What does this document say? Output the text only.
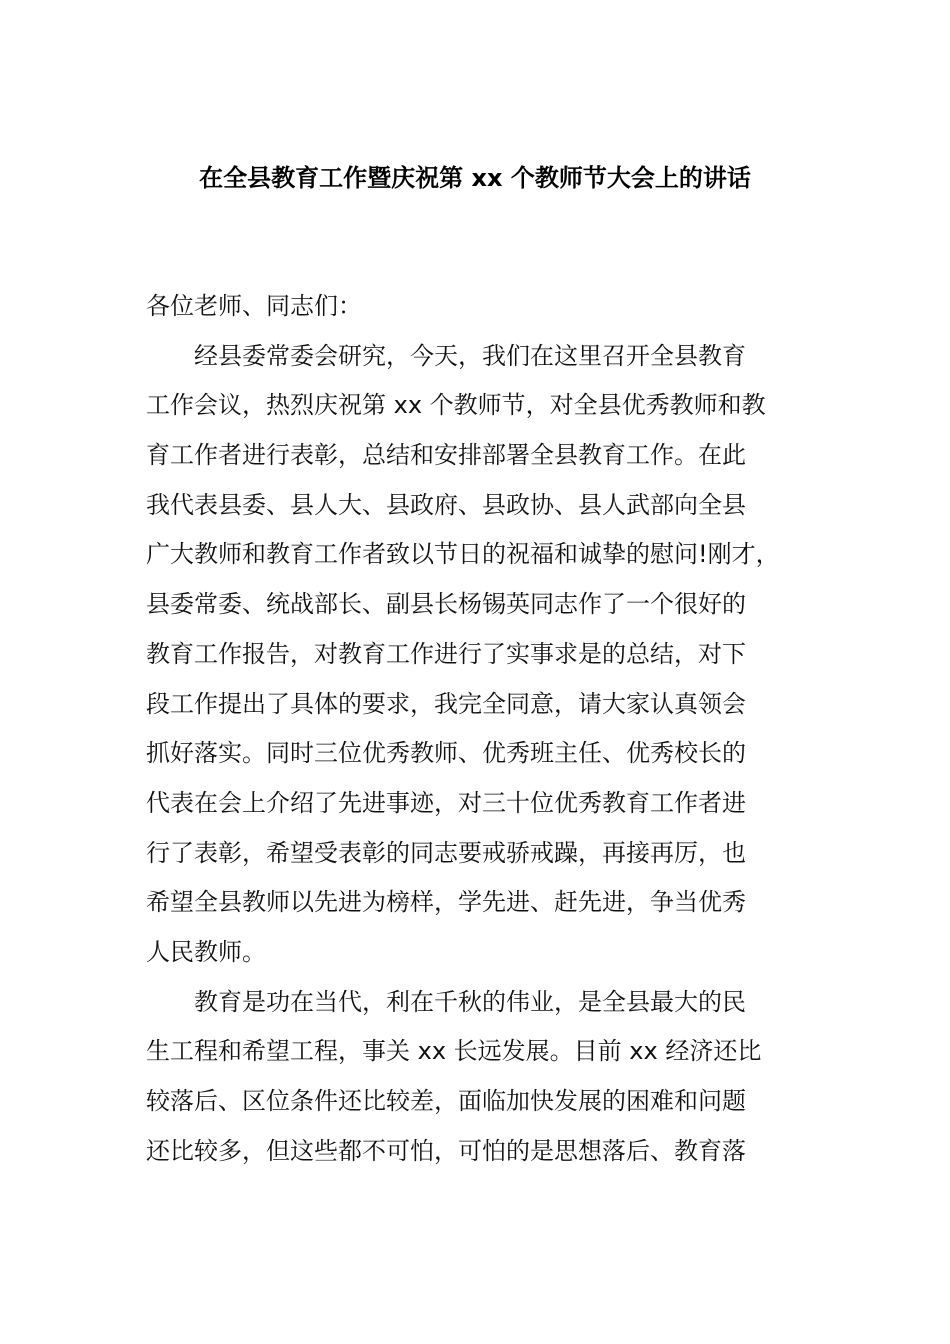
在全县教育工作暨庆祝第 xx 个教师节大会上的讲话
各位老师、同志们：
经县委常委会研究，今天，我们在这里召开全县教育
工作会议，热烈庆祝第 xx 个教师节，对全县优秀教师和教
育工作者进行表彰，总结和安排部署全县教育工作。在此
我代表县委、县人大、县政府、县政协、县人武部向全县
广大教师和教育工作者致以节日的祝福和诚挚的慰问!刚才，
县委常委、统战部长、副县长杨锡英同志作了一个很好的
教育工作报告，对教育工作进行了实事求是的总结，对下
段工作提出了具体的要求，我完全同意，请大家认真领会
抓好落实。同时三位优秀教师、优秀班主任、优秀校长的
代表在会上介绍了先进事迹，对三十位优秀教育工作者进
行了表彰，希望受表彰的同志要戒骄戒躁，再接再厉，也
希望全县教师以先进为榜样，学先进、赶先进，争当优秀
人民教师。
教育是功在当代，利在千秋的伟业，是全县最大的民
生工程和希望工程，事关 xx 长远发展。目前 xx 经济还比
较落后、区位条件还比较差，面临加快发展的困难和问题
还比较多，但这些都不可怕，可怕的是思想落后、教育落
